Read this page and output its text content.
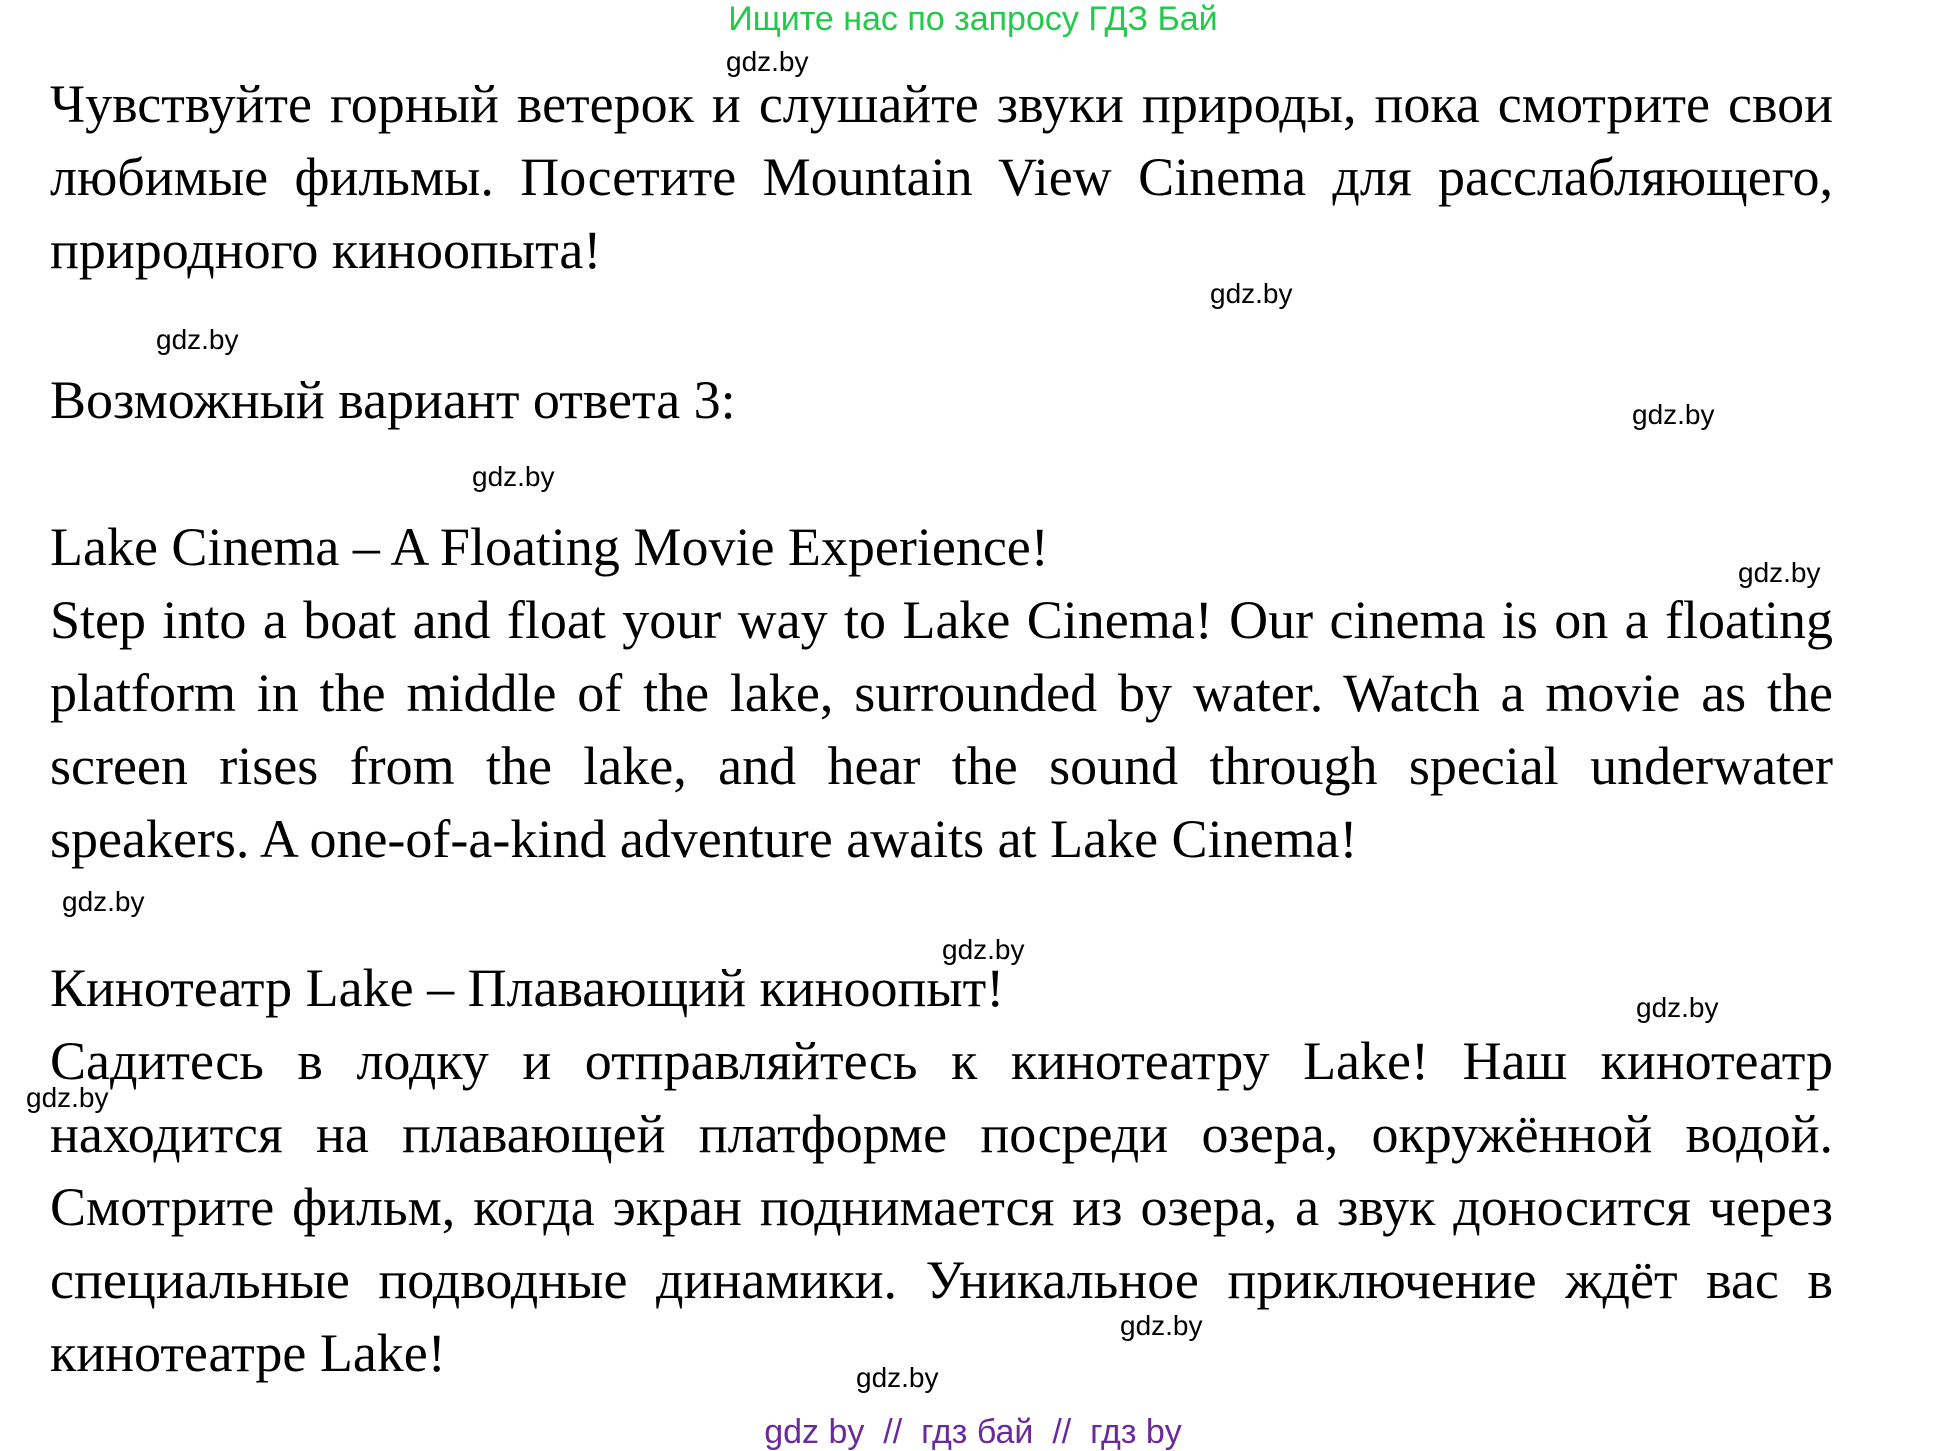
Ищите нас по запросу ГДЗ Бай
gdz.by
Чувствуйте горный ветерок и слушайте звуки природы, пока смотрите свои любимые фильмы. Посетите Mountain View Cinema для расслабляющего, природного киноопыта!
gdz.by
gdz.by
Возможный вариант ответа 3:	gdz.by
gdz.by
Lake Cinema – A Floating Movie Experience!	gdz.by
Step into a boat and float your way to Lake Cinema! Our cinema is on a floating platform in the middle of the lake, surrounded by water. Watch a movie as the screen rises from the lake, and hear the sound through special underwater speakers. A one-of-a-kind adventure awaits at Lake Cinema!
gdz.by
gdz.by
Кинотеатр Lake – Плавающий киноопыт!	gdz.by
Садитесь в лодку и отправляйтесь к кинотеатру Lake! Наш кинотеатр находится на плавающей платформе посреди озера, окружённой водой. Смотрите фильм, когда экран поднимается из озера, а звук доносится через специальные подводные динамики. Уникальное приключение ждёт вас в кинотеатре Lake!
gdz.by
gdz.by
gdz.by
gdz by  //  гдз бай  //  гдз by
